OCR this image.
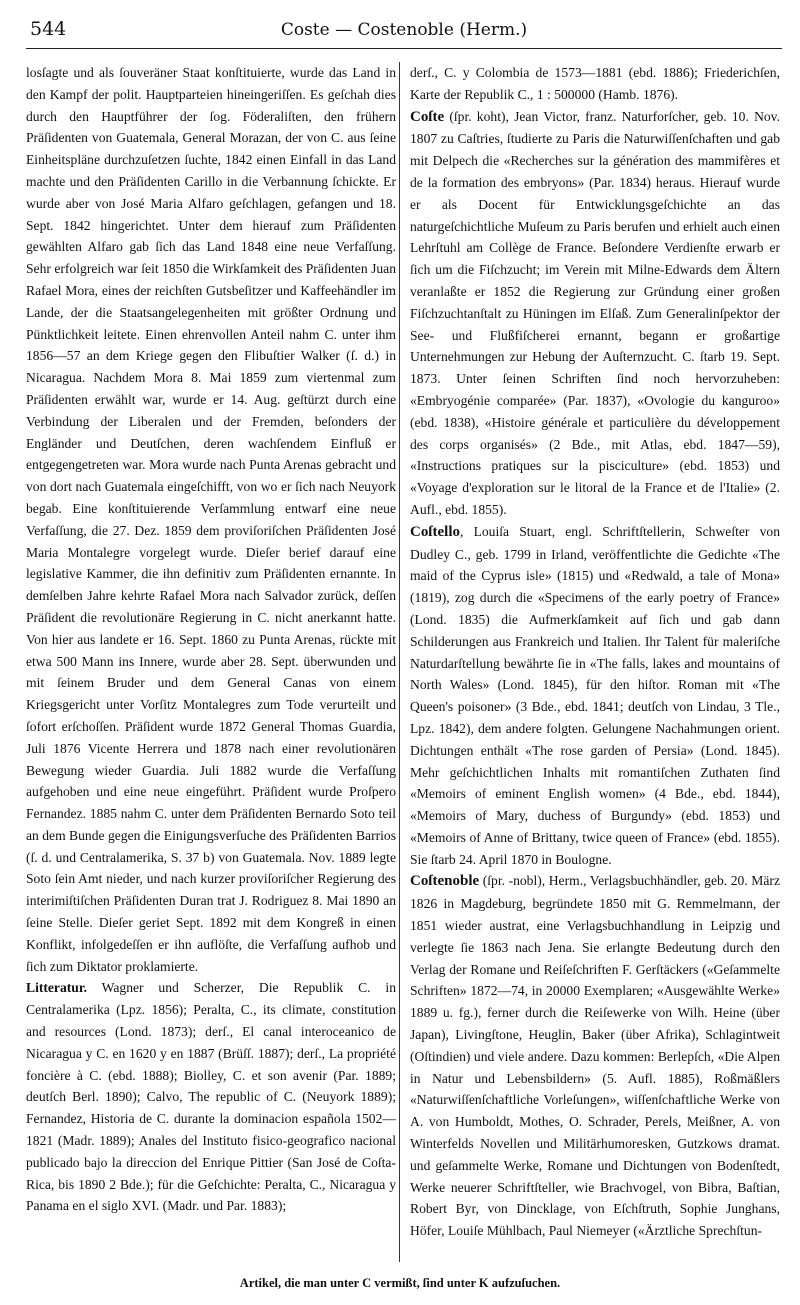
544	Coste — Costenoble (Herm.)

losſagte und als ſouveräner Staat konſtituierte, wurde das Land in den Kampf der polit. Hauptparteien hineingeriſſen. Es geſchah dies durch den Hauptführer der ſog. Föderaliſten, den frühern Präſidenten von Guatemala, General Morazan, der von C. aus ſeine Einheitspläne durchzuſetzen ſuchte, 1842 einen Einfall in das Land machte und den Präſidenten Carillo in die Verbannung ſchickte. Er wurde aber von José Maria Alfaro geſchlagen, gefangen und 18. Sept. 1842 hingerichtet. Unter dem hierauf zum Präſidenten gewählten Alfaro gab ſich das Land 1848 eine neue Verfaſſung. Sehr erfolgreich war ſeit 1850 die Wirkſamkeit des Präſidenten Juan Rafael Mora, eines der reichſten Gutsbeſitzer und Kaffeehändler im Lande, der die Staatsangelegenheiten mit größter Ordnung und Pünktlichkeit leitete. Einen ehrenvollen Anteil nahm C. unter ihm 1856—57 an dem Kriege gegen den Flibuſtier Walker (ſ. d.) in Nicaragua. Nachdem Mora 8. Mai 1859 zum viertenmal zum Präſidenten erwählt war, wurde er 14. Aug. geſtürzt durch eine Verbindung der Liberalen und der Fremden, beſonders der Engländer und Deutſchen, deren wachſendem Einfluß er entgegengetreten war. Mora wurde nach Punta Arenas gebracht und von dort nach Guatemala eingeſchifft, von wo er ſich nach Neuyork begab. Eine konſtituierende Verſammlung entwarf eine neue Verfaſſung, die 27. Dez. 1859 dem proviſoriſchen Präſidenten José Maria Montalegre vorgelegt wurde. Dieſer berief darauf eine legislative Kammer, die ihn definitiv zum Präſidenten ernannte. In demſelben Jahre kehrte Rafael Mora nach Salvador zurück, deſſen Präſident die revolutionäre Regierung in C. nicht anerkannt hatte. Von hier aus landete er 16. Sept. 1860 zu Punta Arenas, rückte mit etwa 500 Mann ins Innere, wurde aber 28. Sept. überwunden und mit ſeinem Bruder und dem General Canas von einem Kriegsgericht unter Vorſitz Montalegres zum Tode verurteilt und ſofort erſchoſſen. Präſident wurde 1872 General Thomas Guardia, Juli 1876 Vicente Herrera und 1878 nach einer revolutionären Bewegung wieder Guardia. Juli 1882 wurde die Verfaſſung aufgehoben und eine neue eingeführt. Präſident wurde Proſpero Fernandez. 1885 nahm C. unter dem Präſidenten Bernardo Soto teil an dem Bunde gegen die Einigungsverſuche des Präſidenten Barrios (ſ. d. und Centralamerika, S. 37 b) von Guatemala. Nov. 1889 legte Soto ſein Amt nieder, und nach kurzer proviſoriſcher Regierung des interimiſtiſchen Präſidenten Duran trat J. Rodriguez 8. Mai 1890 an ſeine Stelle. Dieſer geriet Sept. 1892 mit dem Kongreß in einen Konflikt, infolgedeſſen er ihn auflöſte, die Verfaſſung aufhob und ſich zum Diktator proklamierte.

Litteratur. Wagner und Scherzer, Die Republik C. in Centralamerika (Lpz. 1856); Peralta, C., its climate, constitution and resources (Lond. 1873); derſ., El canal interoceanico de Nicaragua y C. en 1620 y en 1887 (Brüſſ. 1887); derſ., La propriété foncière à C. (ebd. 1888); Biolley, C. et son avenir (Par. 1889; deutſch Berl. 1890); Calvo, The republic of C. (Neuyork 1889); Fernandez, Historia de C. durante la dominacion española 1502—1821 (Madr. 1889); Anales del Instituto fisico-geografico nacional publicado bajo la direccion del Enrique Pittier (San José de Coſta-Rica, bis 1890 2 Bde.); für die Geſchichte: Peralta, C., Nicaragua y Panama en el siglo XVI. (Madr. und Par. 1883);

derſ., C. y Colombia de 1573—1881 (ebd. 1886); Friederichſen, Karte der Republik C., 1 : 500000 (Hamb. 1876).

Coſte (ſpr. koht), Jean Victor, franz. Naturforſcher, geb. 10. Nov. 1807 zu Caſtries, ſtudierte zu Paris die Naturwiſſenſchaften und gab mit Delpech die «Recherches sur la génération des mammifères et de la formation des embryons» (Par. 1834) heraus. Hierauf wurde er als Docent für Entwicklungsgeſchichte an das naturgeſchichtliche Muſeum zu Paris berufen und erhielt auch einen Lehrſtuhl am Collège de France. Beſondere Verdienſte erwarb er ſich um die Fiſchzucht; im Verein mit Milne-Edwards dem Ältern veranlaßte er 1852 die Regierung zur Gründung einer großen Fiſchzuchtanſtalt zu Hüningen im Elſaß. Zum Generalinſpektor der See- und Flußfiſcherei ernannt, begann er großartige Unternehmungen zur Hebung der Auſternzucht. C. ſtarb 19. Sept. 1873. Unter ſeinen Schriften ſind noch hervorzuheben: «Embryogénie comparée» (Par. 1837), «Ovologie du kanguroo» (ebd. 1838), «Histoire générale et particulière du développement des corps organisés» (2 Bde., mit Atlas, ebd. 1847—59), «Instructions pratiques sur la pisciculture» (ebd. 1853) und «Voyage d'exploration sur le litoral de la France et de l'Italie» (2. Aufl., ebd. 1855).

Coſtello, Louiſa Stuart, engl. Schriftſtellerin, Schweſter von Dudley C., geb. 1799 in Irland, veröffentlichte die Gedichte «The maid of the Cyprus isle» (1815) und «Redwald, a tale of Mona» (1819), zog durch die «Specimens of the early poetry of France» (Lond. 1835) die Aufmerkſamkeit auf ſich und gab dann Schilderungen aus Frankreich und Italien. Ihr Talent für maleriſche Naturdarſtellung bewährte ſie in «The falls, lakes and mountains of North Wales» (Lond. 1845), für den hiſtor. Roman mit «The Queen's poisoner» (3 Bde., ebd. 1841; deutſch von Lindau, 3 Tle., Lpz. 1842), dem andere folgten. Gelungene Nachahmungen orient. Dichtungen enthält «The rose garden of Persia» (Lond. 1845). Mehr geſchichtlichen Inhalts mit romantiſchen Zuthaten ſind «Memoirs of eminent English women» (4 Bde., ebd. 1844), «Memoirs of Mary, duchess of Burgundy» (ebd. 1853) und «Memoirs of Anne of Brittany, twice queen of France» (ebd. 1855). Sie ſtarb 24. April 1870 in Boulogne.

Coſtenoble (ſpr. -nobl), Herm., Verlagsbuchhändler, geb. 20. März 1826 in Magdeburg, begründete 1850 mit G. Remmelmann, der 1851 wieder austrat, eine Verlagsbuchhandlung in Leipzig und verlegte ſie 1863 nach Jena. Sie erlangte Bedeutung durch den Verlag der Romane und Reiſeſchriften F. Gerſtäckers («Geſammelte Schriften» 1872—74, in 20000 Exemplaren; «Ausgewählte Werke» 1889 u. fg.), ferner durch die Reiſewerke von Wilh. Heine (über Japan), Livingſtone, Heuglin, Baker (über Afrika), Schlagintweit (Oſtindien) und viele andere. Dazu kommen: Berlepſch, «Die Alpen in Natur und Lebensbildern» (5. Aufl. 1885), Roßmäßlers «Naturwiſſenſchaftliche Vorleſungen», wiſſenſchaftliche Werke von A. von Humboldt, Mothes, O. Schrader, Perels, Meißner, A. von Winterfelds Novellen und Militärhumoresken, Gutzkows dramat. und geſammelte Werke, Romane und Dichtungen von Bodenſtedt, Werke neuerer Schriftſteller, wie Brachvogel, von Bibra, Baſtian, Robert Byr, von Dincklage, von Eſchſtruth, Sophie Junghans, Höfer, Louiſe Mühlbach, Paul Niemeyer («Ärztliche Sprechſtun-

Artikel, die man unter C vermißt, ſind unter K aufzuſuchen.
